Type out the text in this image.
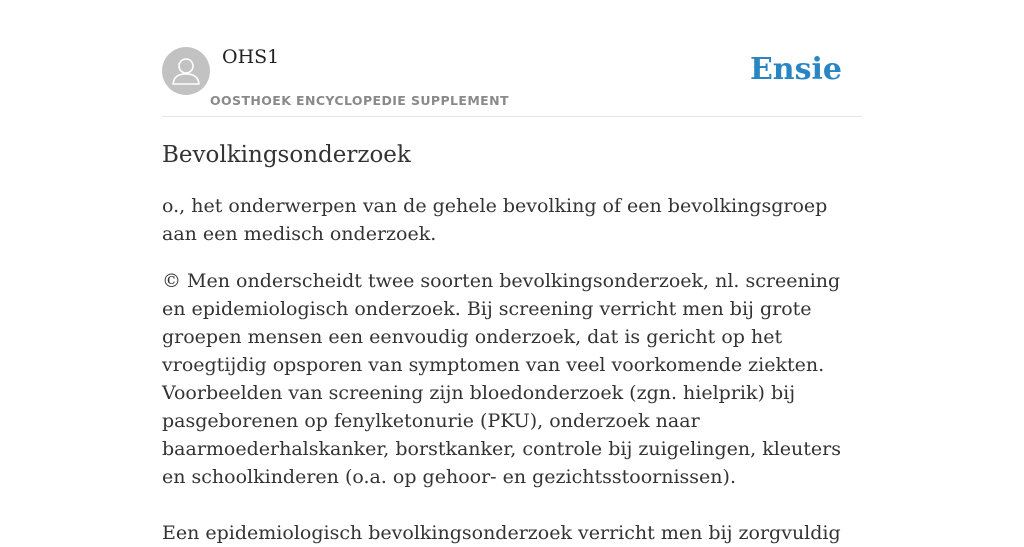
OHS1
OOSTHOEK ENCYCLOPEDIE SUPPLEMENT
Ensie
Bevolkingsonderzoek

o., het onderwerpen van de gehele bevolking of een bevolkingsgroep aan een medisch onderzoek.

© Men onderscheidt twee soorten bevolkingsonderzoek, nl. screening en epidemiologisch onderzoek. Bij screening verricht men bij grote groepen mensen een eenvoudig onderzoek, dat is gericht op het vroegtijdig opsporen van symptomen van veel voorkomende ziekten. Voorbeelden van screening zijn bloedonderzoek (zgn. hielprik) bij pasgeborenen op fenylketonurie (PKU), onderzoek naar baarmoederhalskanker, borstkanker, controle bij zuigelingen, kleuters en schoolkinderen (o.a. op gehoor- en gezichtsstoornissen).

Een epidemiologisch bevolkingsonderzoek verricht men bij zorgvuldig
